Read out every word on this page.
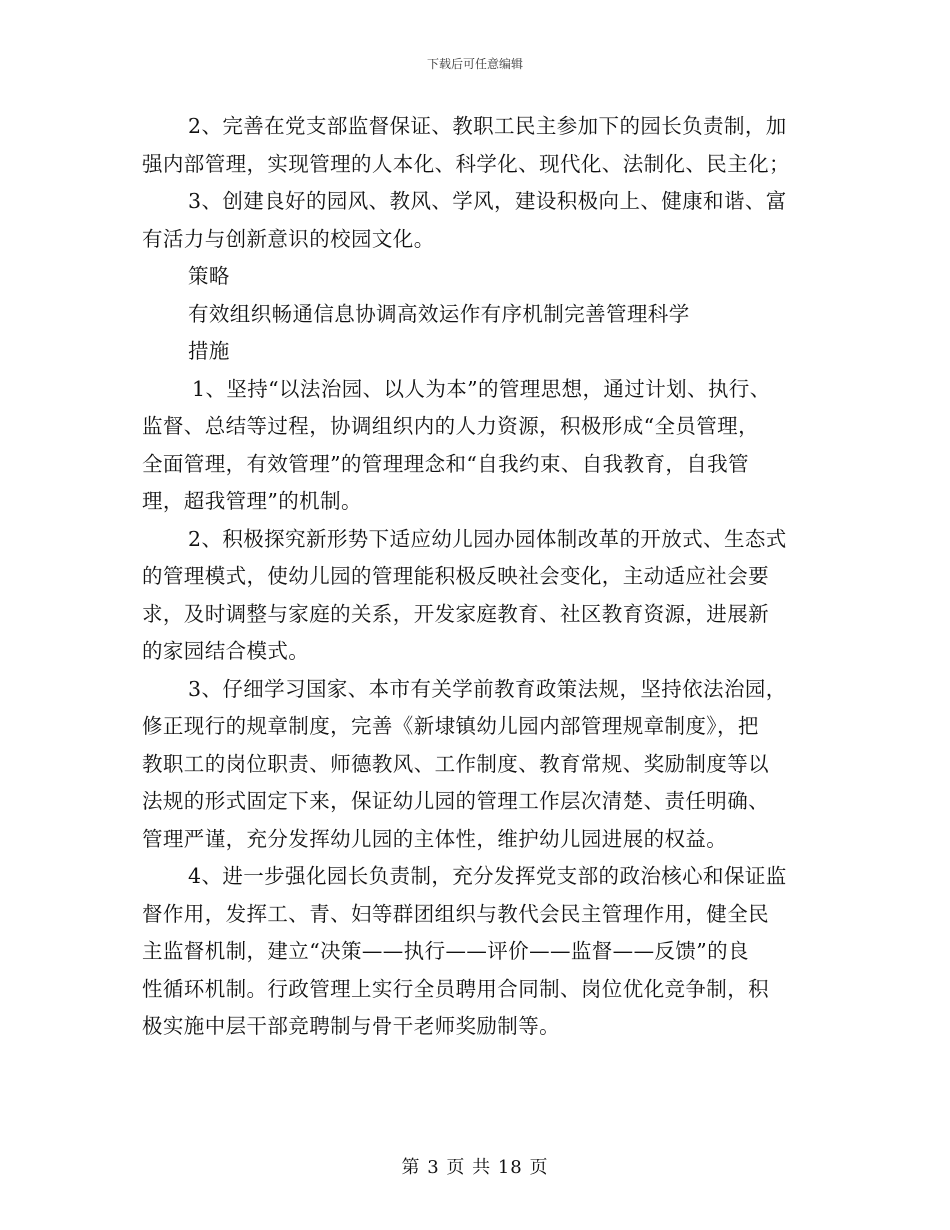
下载后可任意编辑
2、完善在党支部监督保证、教职工民主参加下的园长负责制，加
强内部管理，实现管理的人本化、科学化、现代化、法制化、民主化；
3、创建良好的园风、教风、学风，建设积极向上、健康和谐、富
有活力与创新意识的校园文化。
策略
有效组织畅通信息协调高效运作有序机制完善管理科学
措施
1、坚持“以法治园、以人为本”的管理思想，通过计划、执行、
监督、总结等过程，协调组织内的人力资源，积极形成“全员管理，
全面管理，有效管理”的管理理念和“自我约束、自我教育，自我管
理，超我管理”的机制。
2、积极探究新形势下适应幼儿园办园体制改革的开放式、生态式
的管理模式，使幼儿园的管理能积极反映社会变化，主动适应社会要
求，及时调整与家庭的关系，开发家庭教育、社区教育资源，进展新
的家园结合模式。
3、仔细学习国家、本市有关学前教育政策法规，坚持依法治园，
修正现行的规章制度，完善《新埭镇幼儿园内部管理规章制度》，把
教职工的岗位职责、师德教风、工作制度、教育常规、奖励制度等以
法规的形式固定下来，保证幼儿园的管理工作层次清楚、责任明确、
管理严谨，充分发挥幼儿园的主体性，维护幼儿园进展的权益。
4、进一步强化园长负责制，充分发挥党支部的政治核心和保证监
督作用，发挥工、青、妇等群团组织与教代会民主管理作用，健全民
主监督机制，建立“决策——执行——评价——监督——反馈”的良
性循环机制。行政管理上实行全员聘用合同制、岗位优化竞争制，积
极实施中层干部竞聘制与骨干老师奖励制等。
第 3 页 共 18 页
